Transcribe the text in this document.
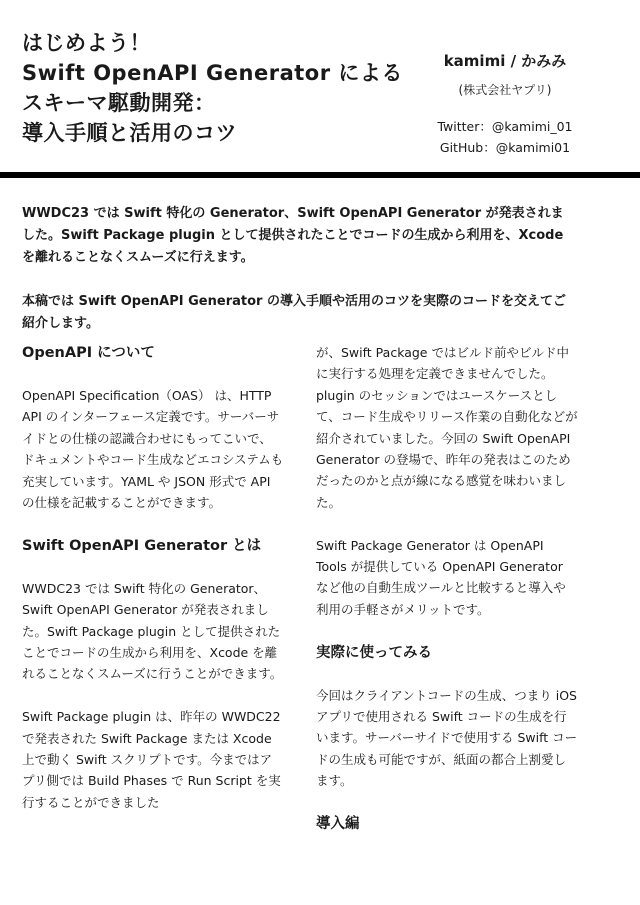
はじめよう！
Swift OpenAPI Generator による
スキーマ駆動開発：
導入手順と活用のコツ
kamimi / かみみ
(株式会社ヤプリ)
Twitter：@kamimi_01
GitHub：@kamimi01

WWDC23 では Swift 特化の Generator、Swift OpenAPI Generator が発表されました。Swift Package plugin として提供されたことでコードの生成から利用を、Xcode を離れることなくスムーズに行えます。

本稿では Swift OpenAPI Generator の導入手順や活用のコツを実際のコードを交えてご紹介します。

OpenAPI について

OpenAPI Specification（OAS） は、HTTP API のインターフェース定義です。サーバーサイドとの仕様の認識合わせにもってこいで、ドキュメントやコード生成などエコシステムも充実しています。YAML や JSON 形式で API の仕様を記載することができます。

Swift OpenAPI Generator とは

WWDC23 では Swift 特化の Generator、Swift OpenAPI Generator が発表されました。Swift Package plugin として提供されたことでコードの生成から利用を、Xcode を離れることなくスムーズに行うことができます。

Swift Package plugin は、昨年の WWDC22 で発表された Swift Package または Xcode 上で動く Swift スクリプトです。今まではアプリ側では Build Phases で Run Script を実行することができました

が、Swift Package ではビルド前やビルド中に実行する処理を定義できませんでした。plugin のセッションではユースケースとして、コード生成やリリース作業の自動化などが紹介されていました。今回の Swift OpenAPI Generator の登場で、昨年の発表はこのためだったのかと点が線になる感覚を味わいました。

Swift Package Generator は OpenAPI Tools が提供している OpenAPI Generator など他の自動生成ツールと比較すると導入や利用の手軽さがメリットです。

実際に使ってみる

今回はクライアントコードの生成、つまり iOS アプリで使用される Swift コードの生成を行います。サーバーサイドで使用する Swift コードの生成も可能ですが、紙面の都合上割愛します。

導入編
